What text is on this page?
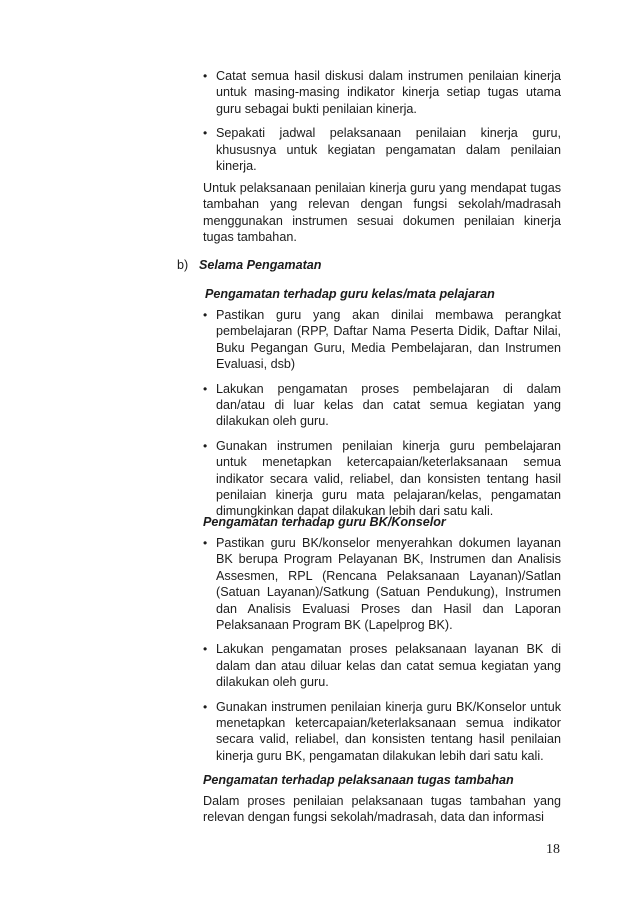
• Catat semua hasil diskusi dalam instrumen penilaian kinerja untuk masing-masing indikator kinerja setiap tugas utama guru sebagai bukti penilaian kinerja.
• Sepakati jadwal pelaksanaan penilaian kinerja guru, khususnya untuk kegiatan pengamatan dalam penilaian kinerja.

Untuk pelaksanaan penilaian kinerja guru yang mendapat tugas tambahan yang relevan dengan fungsi sekolah/madrasah menggunakan instrumen sesuai dokumen penilaian kinerja tugas tambahan.

b) Selama Pengamatan

Pengamatan terhadap guru kelas/mata pelajaran

• Pastikan guru yang akan dinilai membawa perangkat pembelajaran (RPP, Daftar Nama Peserta Didik, Daftar Nilai, Buku Pegangan Guru, Media Pembelajaran, dan Instrumen Evaluasi, dsb)
• Lakukan pengamatan proses pembelajaran di dalam dan/atau di luar kelas dan catat semua kegiatan yang dilakukan oleh guru.
• Gunakan instrumen penilaian kinerja guru pembelajaran untuk menetapkan ketercapaian/keterlaksanaan semua indikator secara valid, reliabel, dan konsisten tentang hasil penilaian kinerja guru mata pelajaran/kelas, pengamatan dimungkinkan dapat dilakukan lebih dari satu kali.

Pengamatan terhadap guru BK/Konselor

• Pastikan guru BK/konselor menyerahkan dokumen layanan BK berupa Program Pelayanan BK, Instrumen dan Analisis Assesmen, RPL (Rencana Pelaksanaan Layanan)/Satlan (Satuan Layanan)/Satkung (Satuan Pendukung), Instrumen dan Analisis Evaluasi Proses dan Hasil dan Laporan Pelaksanaan Program BK (Lapelprog BK).
• Lakukan pengamatan proses pelaksanaan layanan BK di dalam dan atau diluar kelas dan catat semua kegiatan yang dilakukan oleh guru.
• Gunakan instrumen penilaian kinerja guru BK/Konselor untuk menetapkan ketercapaian/keterlaksanaan semua indikator secara valid, reliabel, dan konsisten tentang hasil penilaian kinerja guru BK, pengamatan dilakukan lebih dari satu kali.

Pengamatan terhadap pelaksanaan tugas tambahan

Dalam proses penilaian pelaksanaan tugas tambahan yang relevan dengan fungsi sekolah/madrasah, data dan informasi

18
